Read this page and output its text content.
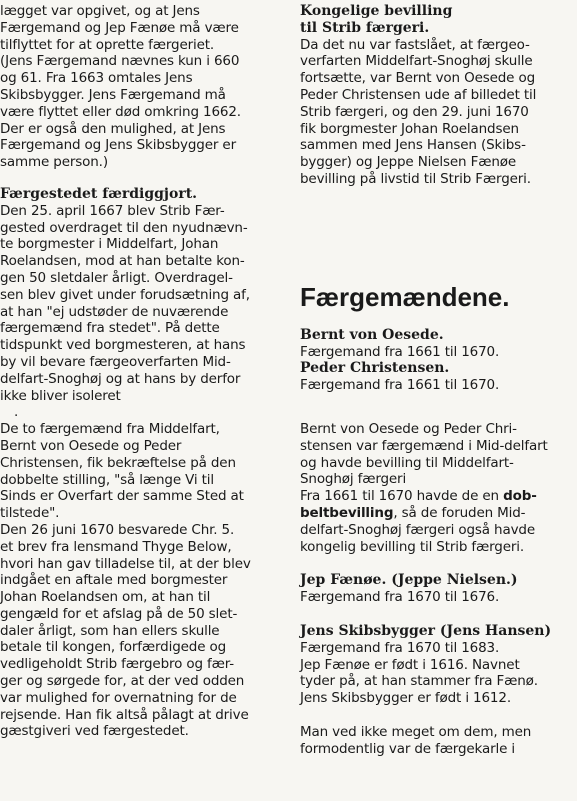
lægget var opgivet, og at Jens
Færgemand og Jep Fænøe må være
tilflyttet for at oprette færgeriet.
(Jens Færgemand nævnes kun i 660
og 61. Fra 1663 omtales Jens
Skibsbygger. Jens Færgemand må
være flyttet eller død omkring 1662.
Der er også den mulighed, at Jens
Færgemand og Jens Skibsbygger er
samme person.)
Færgestedet færdiggjort.
Den 25. april 1667 blev Strib Fær-
gested overdraget til den nyudnævn-
te borgmester i Middelfart, Johan
Roelandsen, mod at han betalte kon-
gen 50 sletdaler årligt. Overdragel-
sen blev givet under forudsætning af,
at han "ej udstøder de nuværende
færgemænd fra stedet". På dette
tidspunkt ved borgmesteren, at hans
by vil bevare færgeoverfarten Mid-
delfart-Snoghøj og at hans by derfor
ikke bliver isoleret
.
De to færgemænd fra Middelfart,
Bernt von Oesede og Peder
Christensen, fik bekræftelse på den
dobbelte stilling, "så længe Vi til
Sinds er Overfart der samme Sted at
tilstede".
Den 26 juni 1670 besvarede Chr. 5.
et brev fra lensmand Thyge Below,
hvori han gav tilladelse til, at der blev
indgået en aftale med borgmester
Johan Roelandsen om, at han til
gengæld for et afslag på de 50 slet-
daler årligt, som han ellers skulle
betale til kongen, forfærdigede og
vedligeholdt Strib færgebro og fær-
ger og sørgede for, at der ved odden
var mulighed for overnatning for de
rejsende. Han fik altså pålagt at drive
gæstgiveri ved færgestedet.
Kongelige bevilling
til Strib færgeri.
Da det nu var fastslået, at færgeo-
verfarten Middelfart-Snoghøj skulle
fortsætte, var Bernt von Oesede og
Peder Christensen ude af billedet til
Strib færgeri, og den 29. juni 1670
fik borgmester Johan Roelandsen
sammen med Jens Hansen (Skibs-
bygger) og Jeppe Nielsen Fænøe
bevilling på livstid til Strib Færgeri.
Færgemændene.
Bernt von Oesede.
Færgemand fra 1661 til 1670.
Peder Christensen.
Færgemand fra 1661 til 1670.
Bernt von Oesede og Peder Chri-
stensen var færgemænd i Mid-delfart
og havde bevilling til Middelfart-
Snoghøj færgeri
Fra 1661 til 1670 havde de en dob-
beltbevilling, så de foruden Mid-
delfart-Snoghøj færgeri også havde
kongelig bevilling til Strib færgeri.
Jep Fænøe. (Jeppe Nielsen.)
Færgemand fra 1670 til 1676.
Jens Skibsbygger (Jens Hansen)
Færgemand fra 1670 til 1683.
Jep Fænøe er født i 1616. Navnet
tyder på, at han stammer fra Fænø.
Jens Skibsbygger er født i 1612.
Man ved ikke meget om dem, men
formodentlig var de færgekarle i
